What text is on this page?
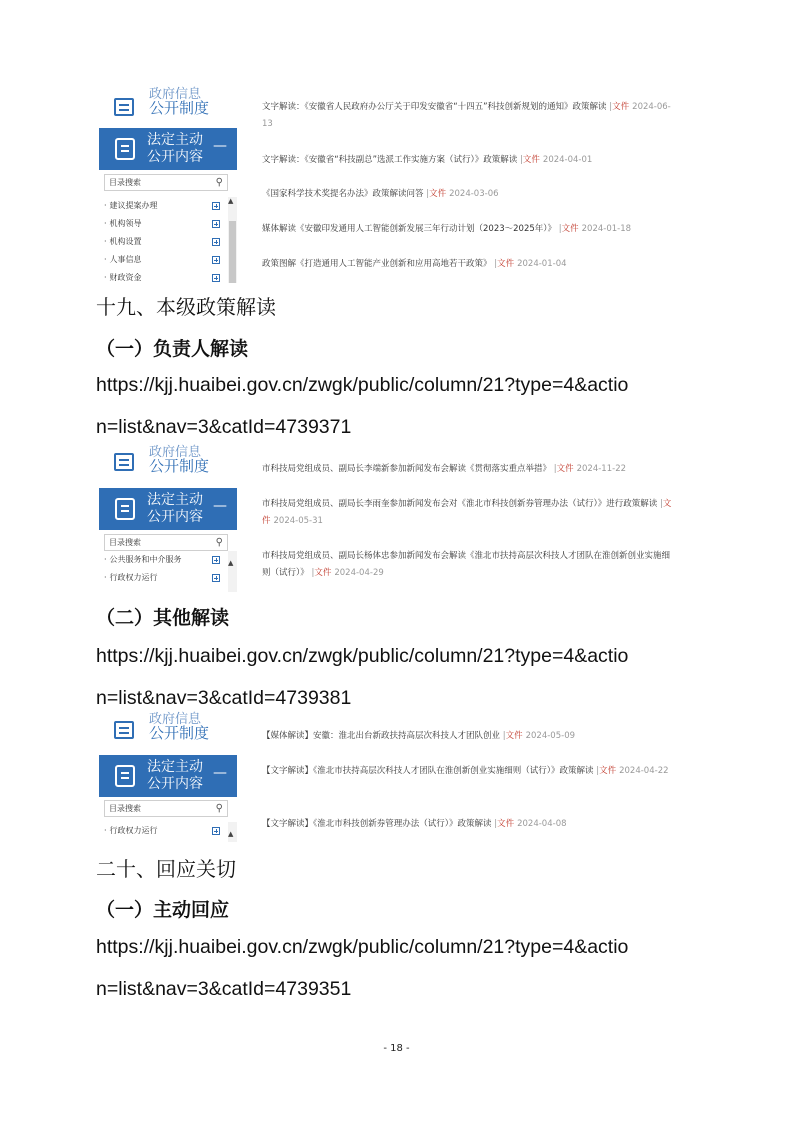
政府信息
公开制度
法定主动
公开内容
—
目录搜索	⚲
· 建议提案办理
· 机构领导
· 机构设置
· 人事信息
· 财政资金
▲
文字解读：《安徽省人民政府办公厅关于印发安徽省“十四五”科技创新规划的通知》政策解读 |文件 2024-06-13
文字解读：《安徽省“科技副总”选派工作实施方案（试行）》政策解读 |文件 2024-04-01
《国家科学技术奖提名办法》政策解读问答 |文件 2024-03-06
媒体解读《安徽印发通用人工智能创新发展三年行动计划（2023～2025年）》 |文件 2024-01-18
政策图解《打造通用人工智能产业创新和应用高地若干政策》 |文件 2024-01-04
十九、本级政策解读
（一）负责人解读
https://kjj.huaibei.gov.cn/zwgk/public/column/21?type=4&actio
n=list&nav=3&catId=4739371
政府信息
公开制度
法定主动
公开内容
—
目录搜索	⚲
· 公共服务和中介服务
· 行政权力运行
▲
市科技局党组成员、副局长李端新参加新闻发布会解读《贯彻落实重点举措》 |文件 2024-11-22
市科技局党组成员、副局长李雨奎参加新闻发布会对《淮北市科技创新券管理办法（试行）》进行政策解读 |文件 2024-05-31
市科技局党组成员、副局长杨体忠参加新闻发布会解读《淮北市扶持高层次科技人才团队在淮创新创业实施细则（试行）》 |文件 2024-04-29
（二）其他解读
https://kjj.huaibei.gov.cn/zwgk/public/column/21?type=4&actio
n=list&nav=3&catId=4739381
政府信息
公开制度
法定主动
公开内容
—
目录搜索	⚲
· 行政权力运行	▲
【媒体解读】安徽：淮北出台新政扶持高层次科技人才团队创业 |文件 2024-05-09
【文字解读】《淮北市扶持高层次科技人才团队在淮创新创业实施细则（试行）》政策解读 |文件 2024-04-22
【文字解读】《淮北市科技创新券管理办法（试行）》政策解读 |文件 2024-04-08
二十、回应关切
（一）主动回应
https://kjj.huaibei.gov.cn/zwgk/public/column/21?type=4&actio
n=list&nav=3&catId=4739351
- 18 -
